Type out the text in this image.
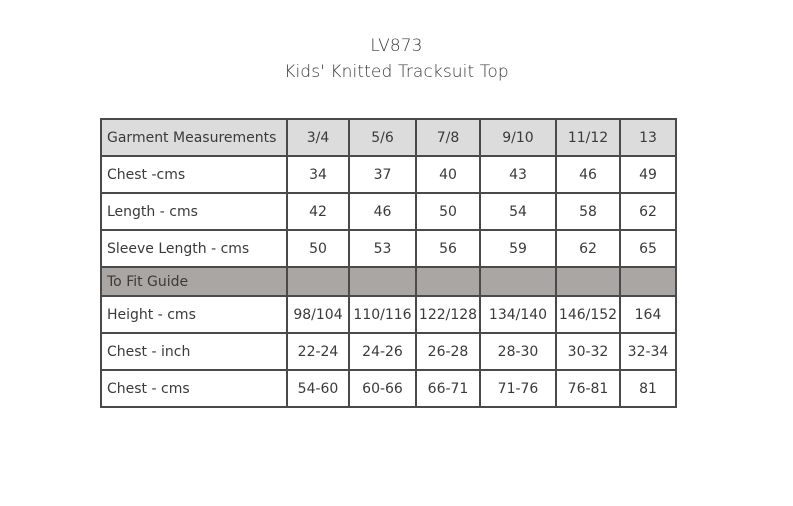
LV873
Kids' Knitted Tracksuit Top
Garment Measurements	3/4	5/6	7/8	9/10	11/12	13
Chest -cms	34	37	40	43	46	49
Length - cms	42	46	50	54	58	62
Sleeve Length - cms	50	53	56	59	62	65
To Fit Guide						
Height - cms	98/104	110/116	122/128	134/140	146/152	164
Chest - inch	22-24	24-26	26-28	28-30	30-32	32-34
Chest - cms	54-60	60-66	66-71	71-76	76-81	81
